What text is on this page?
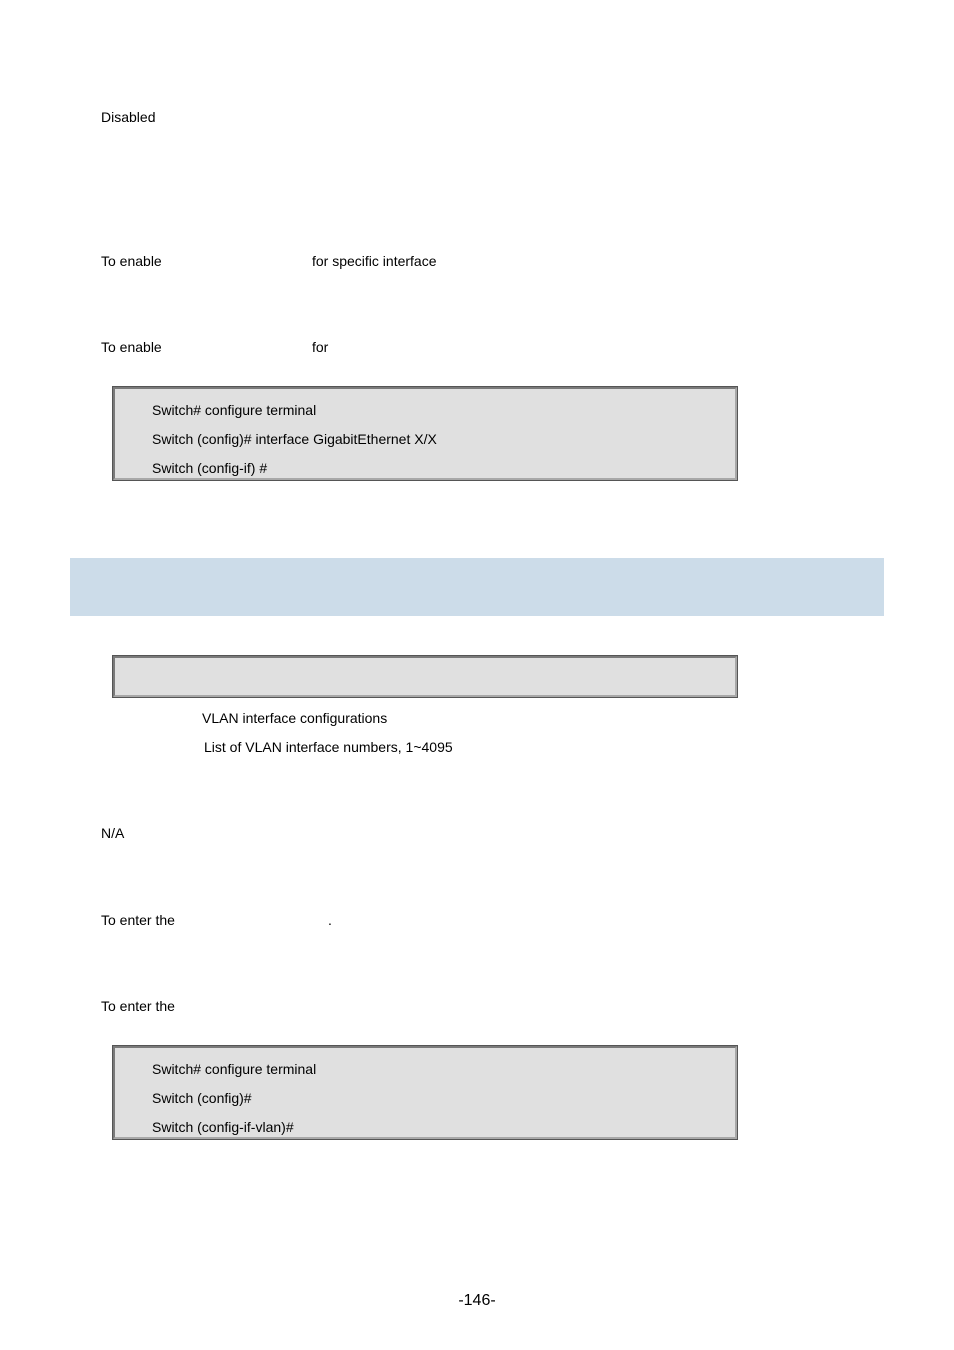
Disabled
To enable	for specific interface
To enable	for
Switch# configure terminal
Switch (config)# interface GigabitEthernet X/X
Switch (config-if) #
VLAN interface configurations
List of VLAN interface numbers, 1~4095
N/A
To enter the	.
To enter the
Switch# configure terminal
Switch (config)#
Switch (config-if-vlan)#
-146-
